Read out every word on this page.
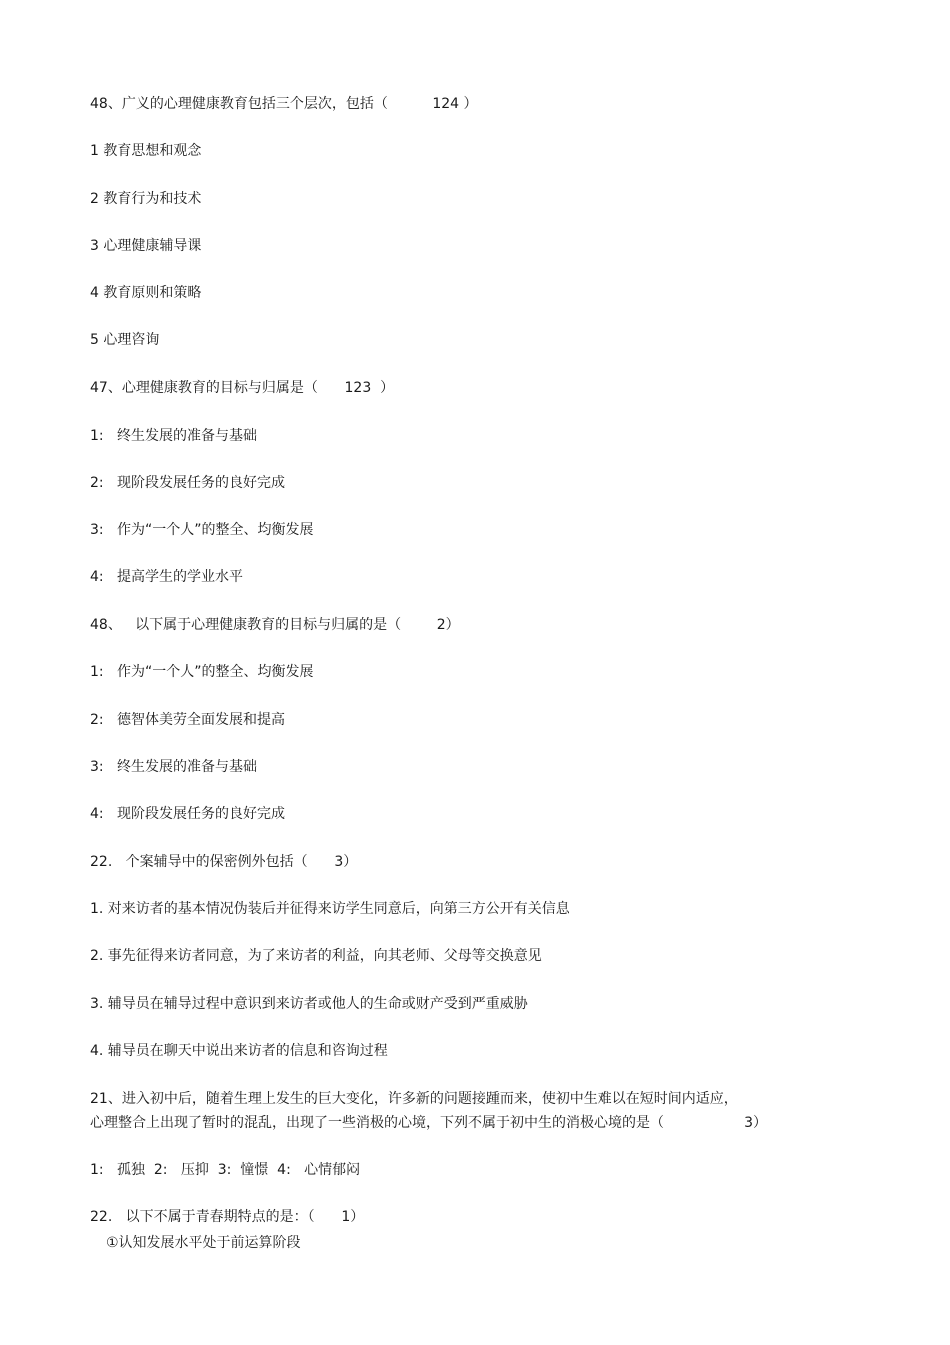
48、广义的心理健康教育包括三个层次，包括（          124 ）
1 教育思想和观念
2 教育行为和技术
3 心理健康辅导课
4 教育原则和策略
5 心理咨询
47、心理健康教育的目标与归属是（      123  ）
1:   终生发展的准备与基础
2:   现阶段发展任务的良好完成
3:   作为“一个人”的整全、均衡发展
4:   提高学生的学业水平
48、   以下属于心理健康教育的目标与归属的是（        2）
1:   作为“一个人”的整全、均衡发展
2:   德智体美劳全面发展和提高
3:   终生发展的准备与基础
4:   现阶段发展任务的良好完成
22.   个案辅导中的保密例外包括（      3）
1. 对来访者的基本情况伪装后并征得来访学生同意后，向第三方公开有关信息
2. 事先征得来访者同意，为了来访者的利益，向其老师、父母等交换意见
3. 辅导员在辅导过程中意识到来访者或他人的生命或财产受到严重威胁
4. 辅导员在聊天中说出来访者的信息和咨询过程
21、进入初中后，随着生理上发生的巨大变化，许多新的问题接踵而来，使初中生难以在短时间内适应，
心理整合上出现了暂时的混乱，出现了一些消极的心境，下列不属于初中生的消极心境的是（                  3）
1:   孤独  2:   压抑  3:  憧憬  4:   心情郁闷
22.   以下不属于青春期特点的是：（      1）
①认知发展水平处于前运算阶段
